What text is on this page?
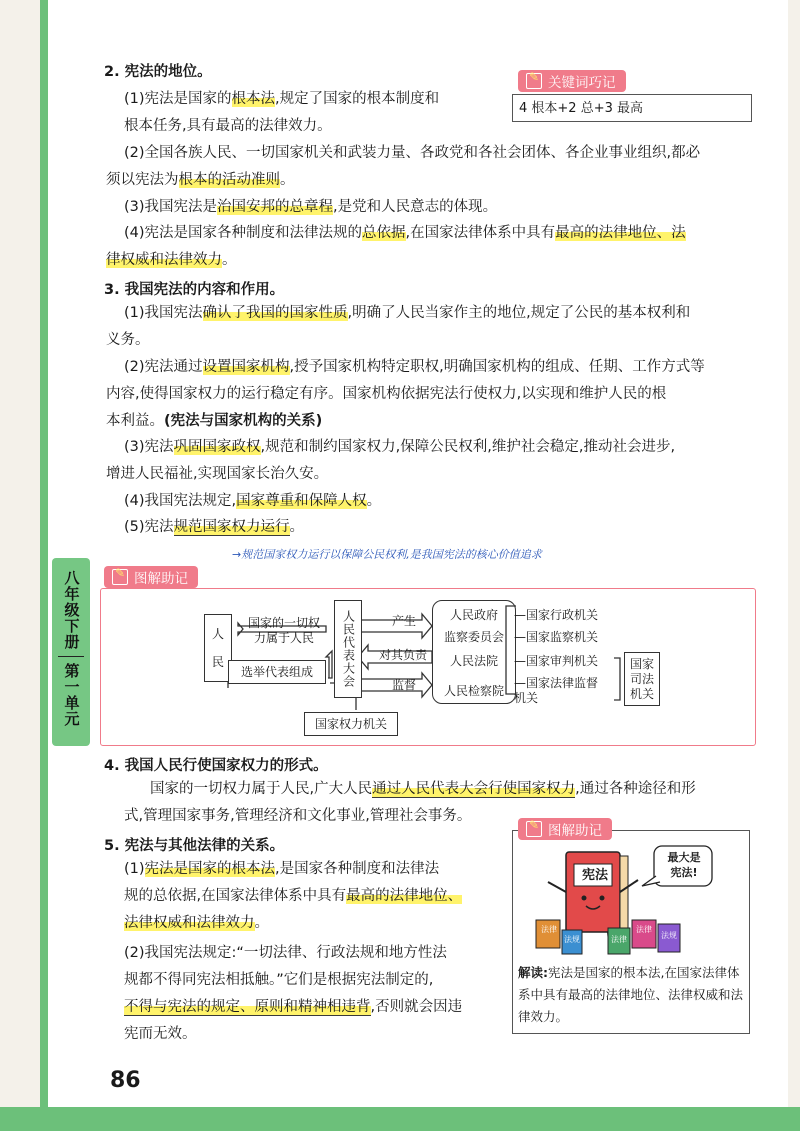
八年级下册
第一单元
2. 宪法的地位。
(1)宪法是国家的根本法,规定了国家的根本制度和
根本任务,具有最高的法律效力。
✎
关键词巧记
4 根本+2 总+3 最高
(2)全国各族人民、一切国家机关和武装力量、各政党和各社会团体、各企业事业组织,都必
须以宪法为根本的活动准则。
(3)我国宪法是治国安邦的总章程,是党和人民意志的体现。
(4)宪法是国家各种制度和法律法规的总依据,在国家法律体系中具有最高的法律地位、法
律权威和法律效力。
3. 我国宪法的内容和作用。
(1)我国宪法确认了我国的国家性质,明确了人民当家作主的地位,规定了公民的基本权利和
义务。
(2)宪法通过设置国家机构,授予国家机构特定职权,明确国家机构的组成、任期、工作方式等
内容,使得国家权力的运行稳定有序。国家机构依据宪法行使权力,以实现和维护人民的根
本利益。(宪法与国家机构的关系)
(3)宪法巩固国家政权,规范和制约国家权力,保障公民权利,维护社会稳定,推动社会进步,
增进人民福祉,实现国家长治久安。
(4)我国宪法规定,国家尊重和保障人权。
(5)宪法规范国家权力运行。
→规范国家权力运行以保障公民权利,是我国宪法的核心价值追求
✎
图解助记
人

民
国家的一切权
力属于人民
选举代表组成	人民代表大会	产生
对其负责
监督
国家权力机关
人民政府
监察委员会
人民法院
人民检察院
—国家行政机关
—国家监察机关
—国家审判机关
—国家法律监督
机关
国家
司法
机关
4. 我国人民行使国家权力的形式。
国家的一切权力属于人民,广大人民通过人民代表大会行使国家权力,通过各种途径和形
式,管理国家事务,管理经济和文化事业,管理社会事务。
5. 宪法与其他法律的关系。
(1)宪法是国家的根本法,是国家各种制度和法律法
规的总依据,在国家法律体系中具有最高的法律地位、
法律权威和法律效力。
(2)我国宪法规定:“一切法律、行政法规和地方性法
规都不得同宪法相抵触。”它们是根据宪法制定的,
不得与宪法的规定、原则和精神相违背,否则就会因违
宪而无效。
✎
图解助记
宪法
最大是
宪法!
法律
法规	法律
法律
法规
解读:宪法是国家的根本法,在国家法律体系中具有最高的法律地位、法律权威和法律效力。
86
